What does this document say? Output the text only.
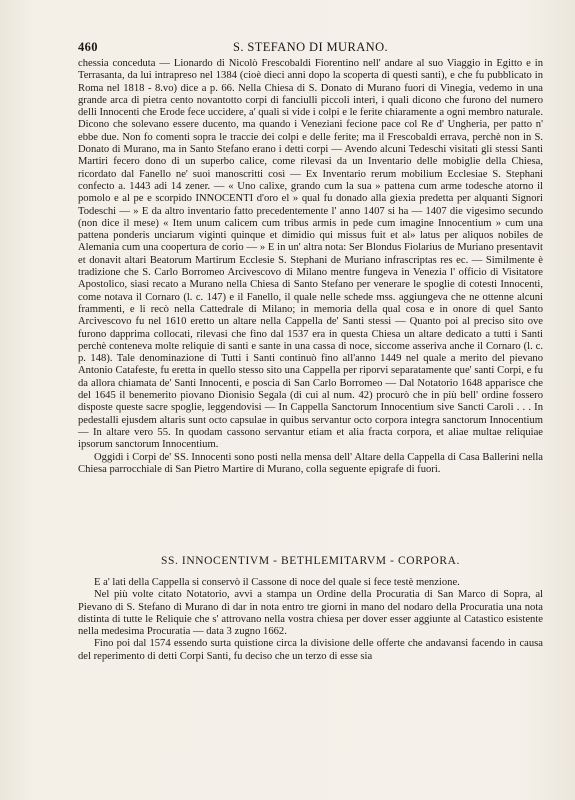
460	S. STEFANO DI MURANO.

chessia conceduta — Lionardo di Nicolò Frescobaldi Fiorentino nell' andare al suo Viaggio in Egitto e in Terrasanta, da lui intrapreso nel 1384 (cioè dieci anni dopo la scoperta di questi santi), e che fu pubblicato in Roma nel 1818 - 8.vo) dice a p. 66. Nella Chiesa di S. Donato di Murano fuori di Vinegia, vedemo in una grande arca di pietra cento novantotto corpi di fanciulli piccoli interi, i quali dicono che furono del numero delli Innocenti che Erode fece uccidere, a' quali si vide i colpi e le ferite chiaramente a ogni membro naturale. Dicono che solevano essere ducento, ma quando i Veneziani fecione pace col Re d' Ungheria, per patto n' ebbe due. Non fo comenti sopra le traccie dei colpi e delle ferite; ma il Frescobaldi errava, perchè non in S. Donato di Murano, ma in Santo Stefano erano i detti corpi — Avendo alcuni Tedeschi visitati gli stessi Santi Martiri fecero dono di un superbo calice, come rilevasi da un Inventario delle mobiglie della Chiesa, ricordato dal Fanello ne' suoi manoscritti così — Ex Inventario rerum mobilium Ecclesiae S. Stephani confecto a. 1443 adi 14 zener. — « Uno calixe, grando cum la sua » pattena cum arme todesche atorno il pomolo e al pe e scorpido INNOCENTI d'oro el » qual fu donado alla giexia predetta per alquanti Signori Todeschi — » E da altro inventario fatto precedentemente l' anno 1407 si ha — 1407 die vigesimo secundo (non dice il mese) « Item unum calicem cum tribus armis in pede cum imagine Innocentium » cum una pattena ponderis unciarum viginti quinque et dimidio qui missus fuit et al» latus per aliquos nobiles de Alemania cum una coopertura de corio — » E in un' altra nota: Ser Blondus Fiolarius de Muriano presentavit et donavit altari Beatorum Martirum Ecclesie S. Stephani de Muriano infrascriptas res ec. — Similmente è tradizione che S. Carlo Borromeo Arcivescovo di Milano mentre fungeva in Venezia l' officio di Visitatore Apostolico, siasi recato a Murano nella Chiesa di Santo Stefano per venerare le spoglie di cotesti Innocenti, come notava il Cornaro (l. c. 147) e il Fanello, il quale nelle schede mss. aggiungeva che ne ottenne alcuni frammenti, e li recò nella Cattedrale di Milano; in memoria della qual cosa e in onore di quel Santo Arcivescovo fu nel 1610 eretto un altare nella Cappella de' Santi stessi — Quanto poi al preciso sito ove furono dapprima collocati, rilevasi che fino dal 1537 era in questa Chiesa un altare dedicato a tutti i Santi perchè conteneva molte reliquie di santi e sante in una cassa di noce, siccome asseriva anche il Cornaro (l. c. p. 148). Tale denominazione di Tutti i Santi continuò fino all'anno 1449 nel quale a merito del pievano Antonio Catafeste, fu eretta in quello stesso sito una Cappella per riporvi separatamente que' santi Corpi, e fu da allora chiamata de' Santi Innocenti, e poscia di San Carlo Borromeo — Dal Notatorio 1648 apparisce che del 1645 il benemerito piovano Dionisio Segala (di cui al num. 42) procurò che in più bell' ordine fossero disposte queste sacre spoglie, leggendovisi — In Cappella Sanctorum Innocentium sive Sancti Caroli . . . In pedestalli ejusdem altaris sunt octo capsulae in quibus servantur octo corpora integra sanctorum Innocentium — In altare vero 55. In quodam cassono servantur etiam et alia fracta corpora, et aliae multae reliquiae ipsorum sanctorum Innocentium.

Oggidì i Corpi de' SS. Innocenti sono posti nella mensa dell' Altare della Cappella di Casa Ballerini nella Chiesa parrocchiale di San Pietro Martire di Murano, colla seguente epigrafe di fuori.

SS. INNOCENTIVM - BETHLEMITARVM - CORPORA.

E a' lati della Cappella si conservò il Cassone di noce del quale si fece testè menzione.

Nel più volte citato Notatorio, avvi a stampa un Ordine della Procuratia di San Marco di Sopra, al Pievano di S. Stefano di Murano di dar in nota entro tre giorni in mano del nodaro della Procuratia una nota distinta di tutte le Reliquie che s' attrovano nella vostra chiesa per dover esser aggiunte al Catastico esistente nella medesima Procuratia — data 3 zugno 1662.

Fino poi dal 1574 essendo surta quistione circa la divisione delle offerte che andavansi facendo in causa del reperimento di detti Corpi Santi, fu deciso che un terzo di esse sia
